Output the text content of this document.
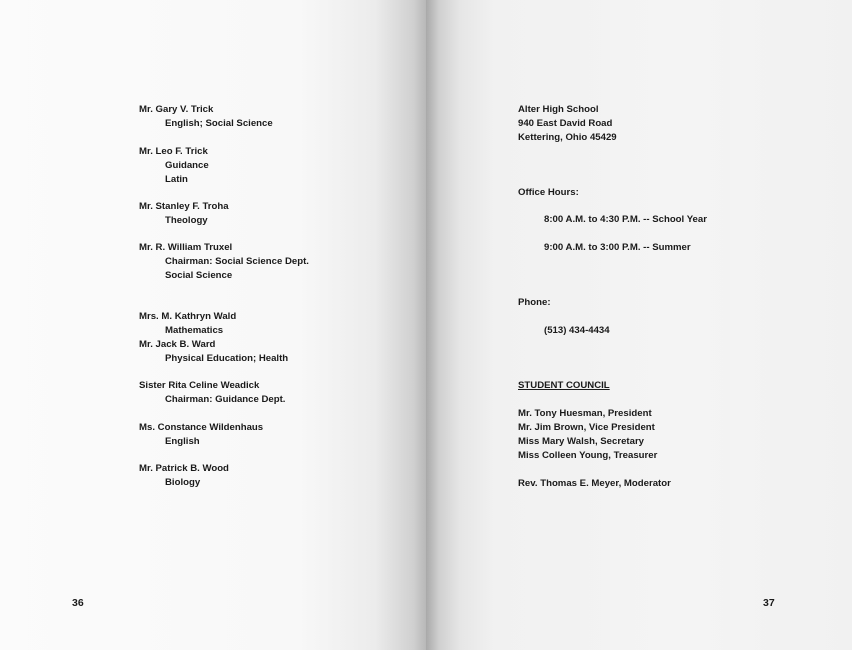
Mr. Gary V. Trick
English; Social Science
Mr. Leo F. Trick
Guidance
Latin
Mr. Stanley F. Troha
Theology
Mr. R. William Truxel
Chairman: Social Science Dept.
Social Science
Mrs. M. Kathryn Wald
Mathematics
Mr. Jack B. Ward
Physical Education; Health
Sister Rita Celine Weadick
Chairman: Guidance Dept.
Ms. Constance Wildenhaus
English
Mr. Patrick B. Wood
Biology
36
Alter High School
940 East David Road
Kettering, Ohio 45429
Office Hours:
8:00 A.M. to 4:30 P.M. -- School Year
9:00 A.M. to 3:00 P.M. -- Summer
Phone:
(513) 434-4434
STUDENT COUNCIL
Mr. Tony Huesman, President
Mr. Jim Brown, Vice President
Miss Mary Walsh, Secretary
Miss Colleen Young, Treasurer
Rev. Thomas E. Meyer, Moderator
37
